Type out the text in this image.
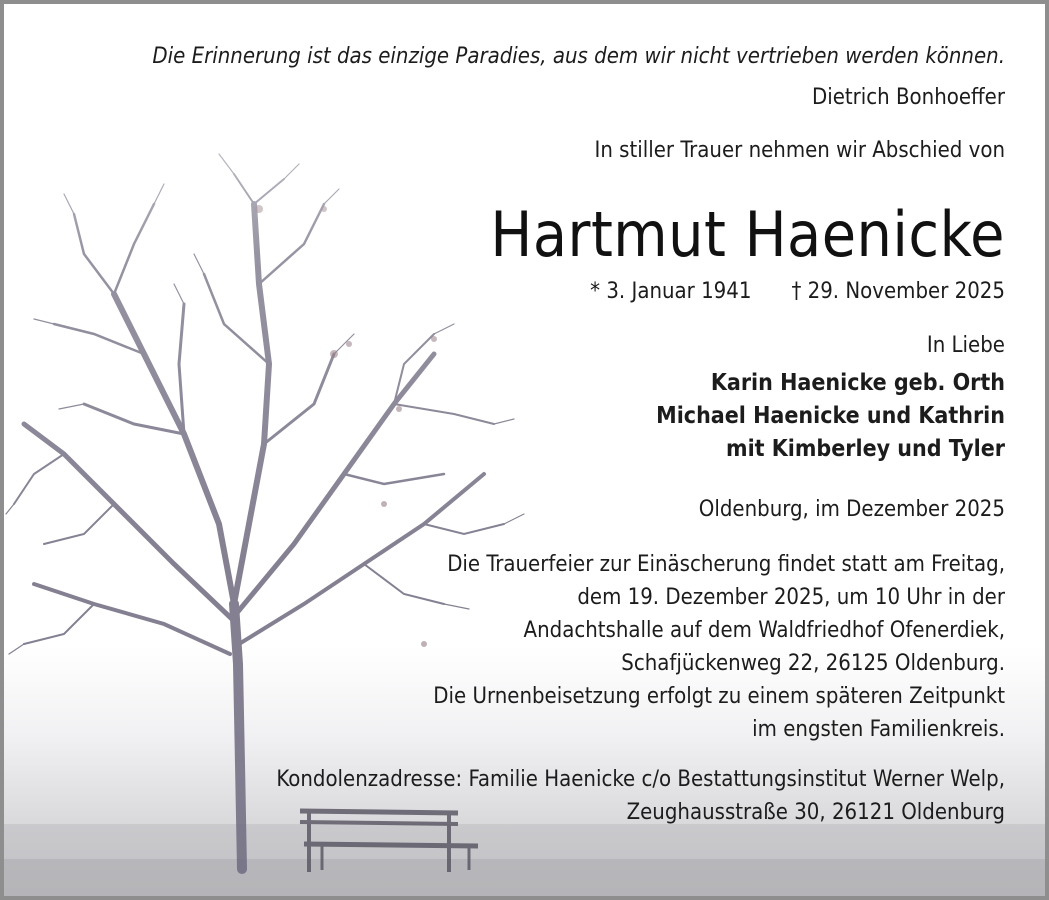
Die Erinnerung ist das einzige Paradies, aus dem wir nicht vertrieben werden können.
Dietrich Bonhoeffer
In stiller Trauer nehmen wir Abschied von
Hartmut Haenicke
* 3. Januar 1941 † 29. November 2025
In Liebe
Karin Haenicke geb. Orth
Michael Haenicke und Kathrin
mit Kimberley und Tyler
Oldenburg, im Dezember 2025
Die Trauerfeier zur Einäscherung findet statt am Freitag,
dem 19. Dezember 2025, um 10 Uhr in der
Andachtshalle auf dem Waldfriedhof Ofenerdiek,
Schafjückenweg 22, 26125 Oldenburg.
Die Urnenbeisetzung erfolgt zu einem späteren Zeitpunkt
im engsten Familienkreis.
Kondolenzadresse: Familie Haenicke c/o Bestattungsinstitut Werner Welp,
Zeughausstraße 30, 26121 Oldenburg
